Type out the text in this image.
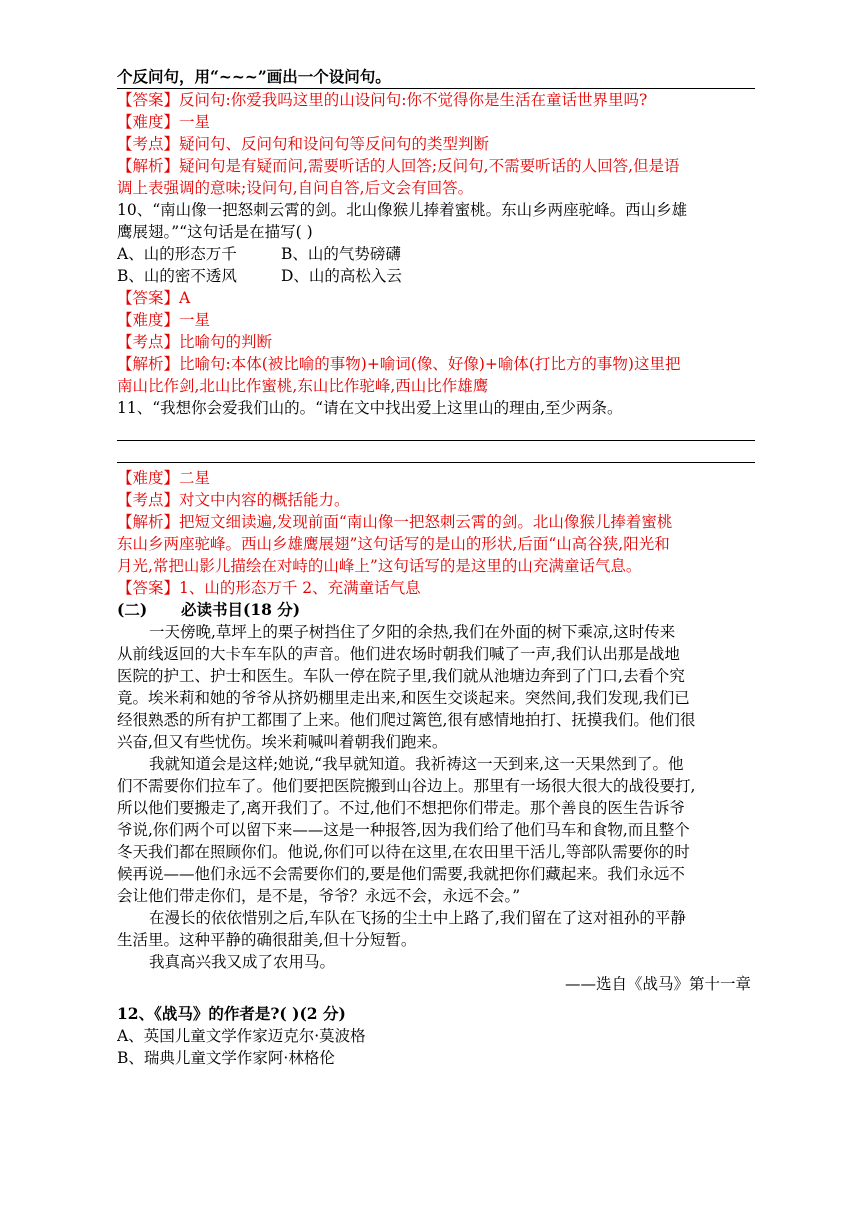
个反问句，用“~~~”画出一个设问句。
【答案】反问句:你爱我吗这里的山设问句:你不觉得你是生活在童话世界里吗?
【难度】一星
【考点】疑问句、反问句和设问句等反问句的类型判断
【解析】疑问句是有疑而问,需要听话的人回答;反问句,不需要听话的人回答,但是语
调上表强调的意味;设问句,自问自答,后文会有回答。
10、“南山像一把怒刺云霄的剑。北山像猴儿捧着蜜桃。东山乡两座驼峰。西山乡雄
鹰展翅。”“这句话是在描写( )
A、山的形态万千	B、山的气势磅礴
B、山的密不透风	D、山的高松入云
【答案】A
【难度】一星
【考点】比喻句的判断
【解析】比喻句:本体(被比喻的事物)+喻词(像、好像)+喻体(打比方的事物)这里把
南山比作剑,北山比作蜜桃,东山比作驼峰,西山比作雄鹰
11、“我想你会爱我们山的。“请在文中找出爱上这里山的理由,至少两条。
【难度】二星
【考点】对文中内容的概括能力。
【解析】把短文细读遍,发现前面“南山像一把怒刺云霄的剑。北山像猴儿捧着蜜桃
东山乡两座驼峰。西山乡雄鹰展翅”这句话写的是山的形状,后面“山高谷狭,阳光和
月光,常把山影儿描绘在对峙的山峰上”这句话写的是这里的山充满童话气息。
【答案】1、山的形态万千 2、充满童话气息
(二) 必读书目(18 分)
一天傍晚,草坪上的栗子树挡住了夕阳的余热,我们在外面的树下乘凉,这时传来
从前线返回的大卡车车队的声音。他们进农场时朝我们喊了一声,我们认出那是战地
医院的护工、护士和医生。车队一停在院子里,我们就从池塘边奔到了门口,去看个究
竟。埃米莉和她的爷爷从挤奶棚里走出来,和医生交谈起来。突然间,我们发现,我们已
经很熟悉的所有护工都围了上来。他们爬过篱笆,很有感情地拍打、抚摸我们。他们很
兴奋,但又有些忧伤。埃米莉喊叫着朝我们跑来。
我就知道会是这样;她说,“我早就知道。我祈祷这一天到来,这一天果然到了。他
们不需要你们拉车了。他们要把医院搬到山谷边上。那里有一场很大很大的战役要打,
所以他们要搬走了,离开我们了。不过,他们不想把你们带走。那个善良的医生告诉爷
爷说,你们两个可以留下来——这是一种报答,因为我们给了他们马车和食物,而且整个
冬天我们都在照顾你们。他说,你们可以待在这里,在农田里干活儿,等部队需要你的时
候再说——他们永远不会需要你们的,要是他们需要,我就把你们藏起来。我们永远不
会让他们带走你们，是不是，爷爷？永远不会，永远不会。”
在漫长的依依惜别之后,车队在飞扬的尘土中上路了,我们留在了这对祖孙的平静
生活里。这种平静的确很甜美,但十分短暂。
我真高兴我又成了农用马。
——选自《战马》第十一章
12、《战马》的作者是?( )(2 分)
A、英国儿童文学作家迈克尔·莫波格
B、瑞典儿童文学作家阿·林格伦
